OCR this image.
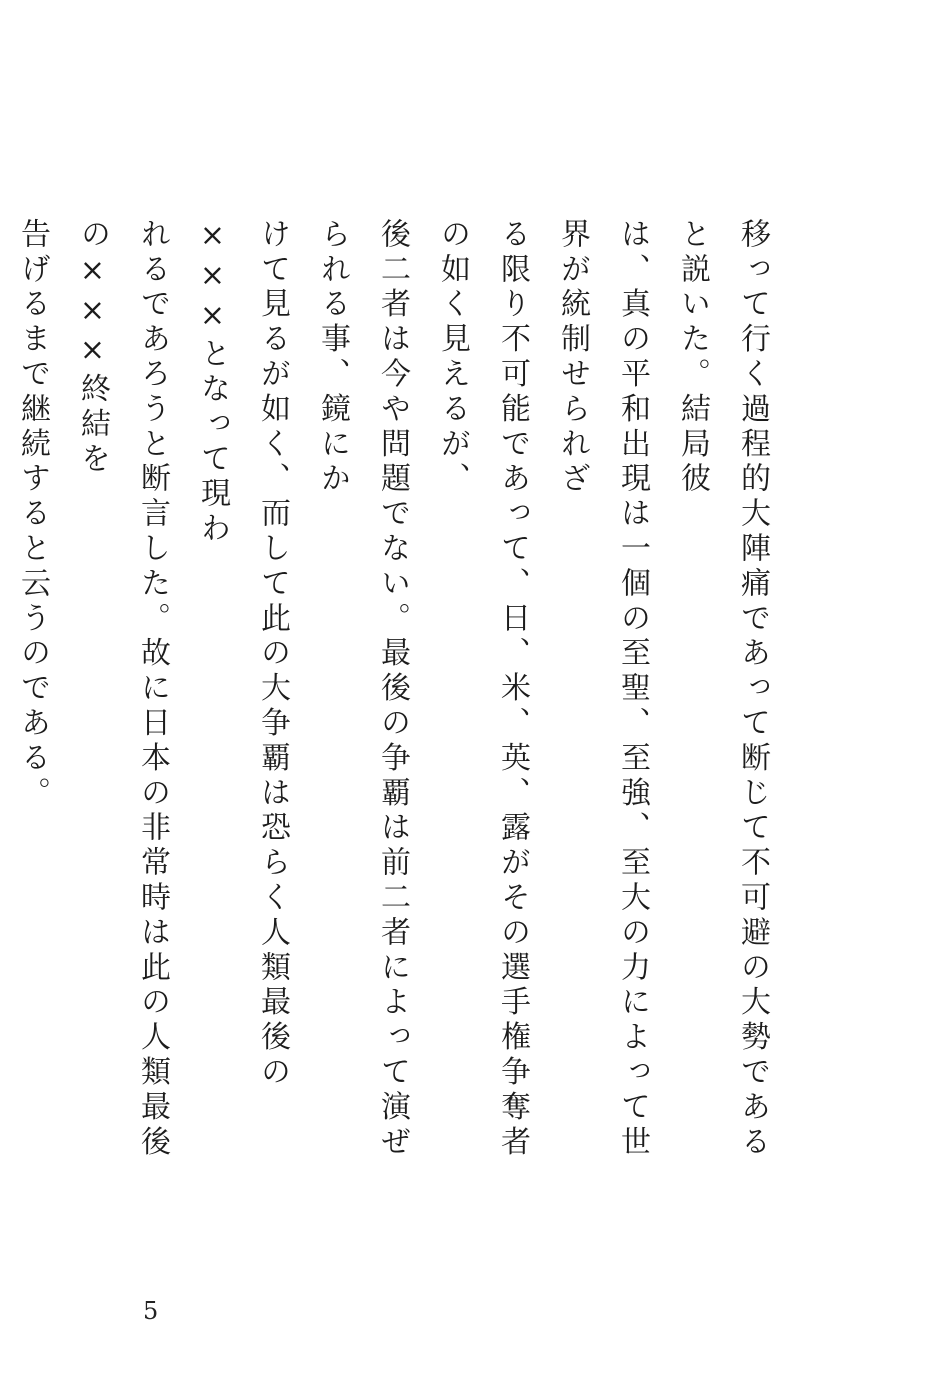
移って行く過程的大陣痛であって断じて不可避の大勢であると説いた。結局彼
は、真の平和出現は一個の至聖、至強、至大の力によって世界が統制せられざ
る限り不可能であって、日、米、英、露がその選手権争奪者の如く見えるが、
後二者は今や問題でない。最後の争覇は前二者によって演ぜられる事、鏡にか
けて見るが如く、而して此の大争覇は恐らく人類最後の×××となって現わ
れるであろうと断言した。故に日本の非常時は此の人類最後の×××終結を
告げるまで継続すると云うのである。

5
